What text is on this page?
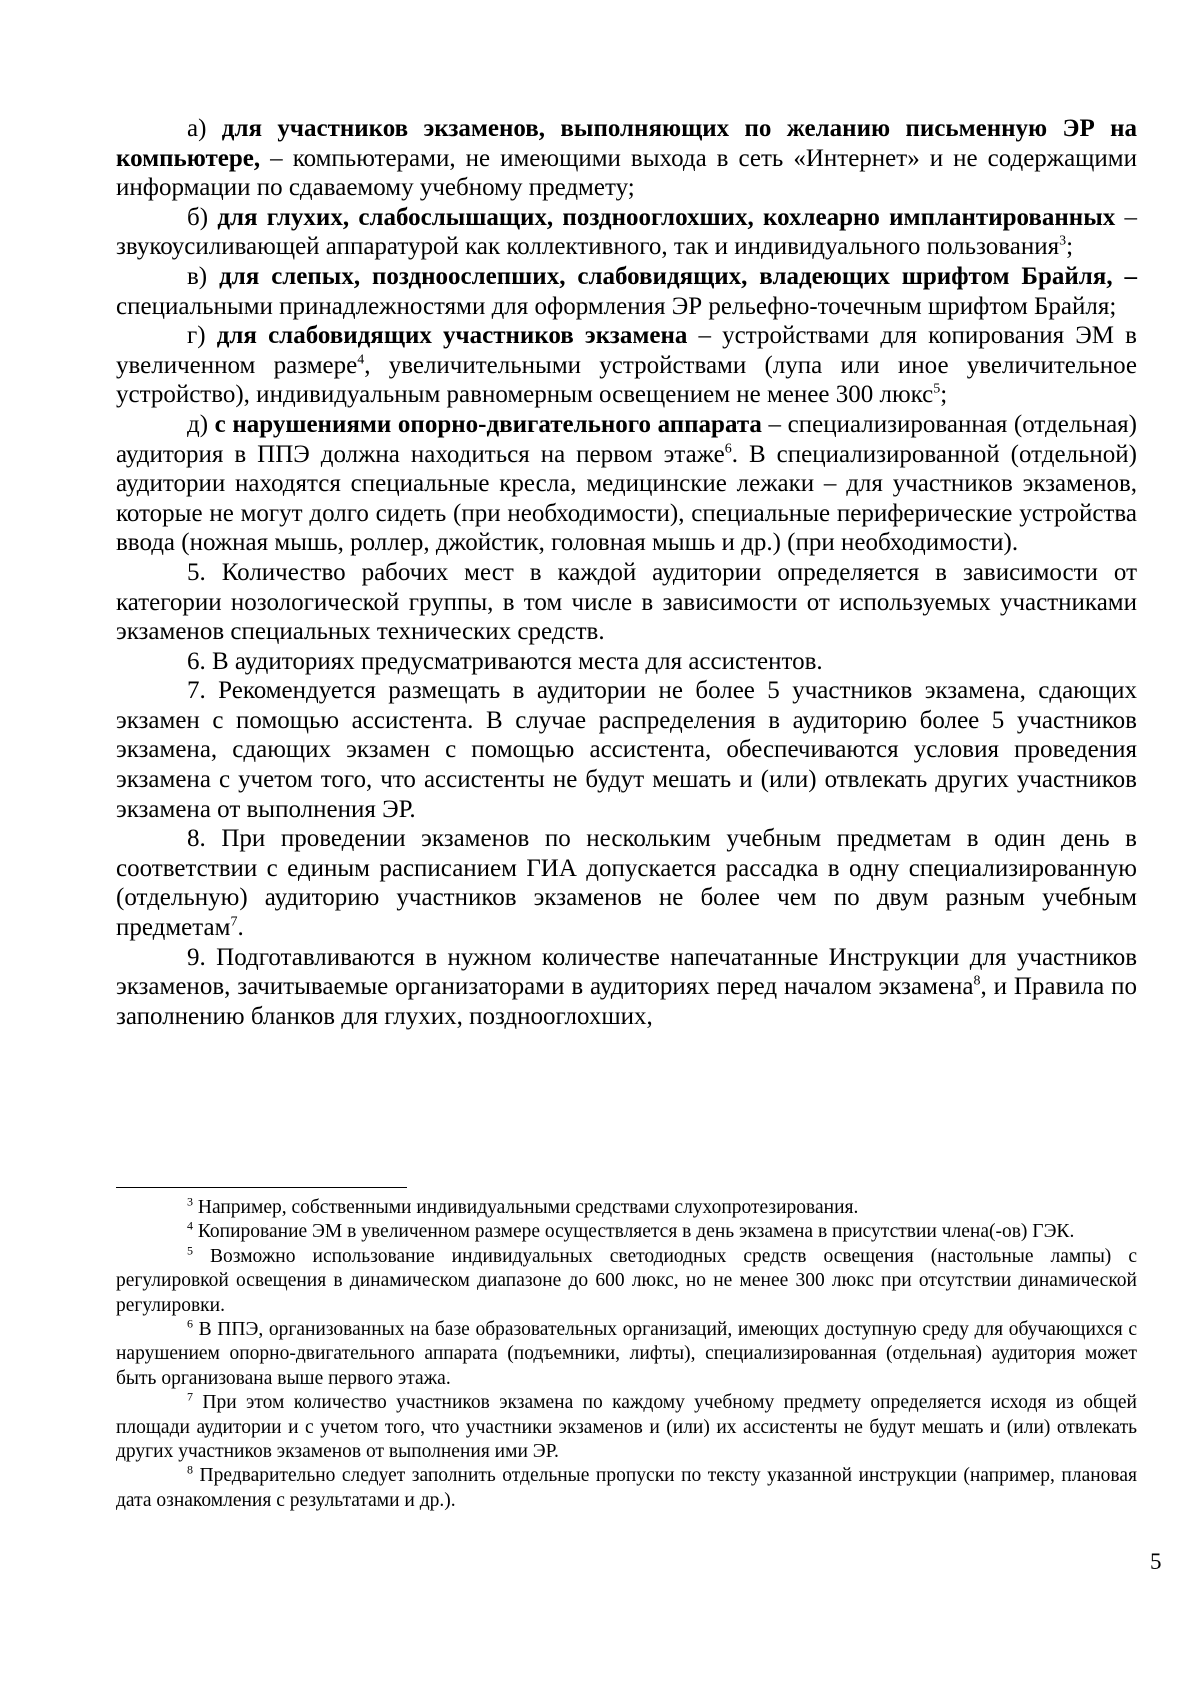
а) для участников экзаменов, выполняющих по желанию письменную ЭР на компьютере, – компьютерами, не имеющими выхода в сеть «Интернет» и не содержащими информации по сдаваемому учебному предмету;

б) для глухих, слабослышащих, позднооглохших, кохлеарно имплантированных – звукоусиливающей аппаратурой как коллективного, так и индивидуального пользования$^3$;

в) для слепых, поздноослепших, слабовидящих, владеющих шрифтом Брайля, – специальными принадлежностями для оформления ЭР рельефно-точечным шрифтом Брайля;

г) для слабовидящих участников экзамена – устройствами для копирования ЭМ в увеличенном размере$^4$, увеличительными устройствами (лупа или иное увеличительное устройство), индивидуальным равномерным освещением не менее 300 люкс$^5$;

д) с нарушениями опорно-двигательного аппарата – специализированная (отдельная) аудитория в ППЭ должна находиться на первом этаже$^6$. В специализированной (отдельной) аудитории находятся специальные кресла, медицинские лежаки – для участников экзаменов, которые не могут долго сидеть (при необходимости), специальные периферические устройства ввода (ножная мышь, роллер, джойстик, головная мышь и др.) (при необходимости).

5. Количество рабочих мест в каждой аудитории определяется в зависимости от категории нозологической группы, в том числе в зависимости от используемых участниками экзаменов специальных технических средств.

6. В аудиториях предусматриваются места для ассистентов.

7. Рекомендуется размещать в аудитории не более 5 участников экзамена, сдающих экзамен с помощью ассистента. В случае распределения в аудиторию более 5 участников экзамена, сдающих экзамен с помощью ассистента, обеспечиваются условия проведения экзамена с учетом того, что ассистенты не будут мешать и (или) отвлекать других участников экзамена от выполнения ЭР.

8. При проведении экзаменов по нескольким учебным предметам в один день в соответствии с единым расписанием ГИА допускается рассадка в одну специализированную (отдельную) аудиторию участников экзаменов не более чем по двум разным учебным предметам$^7$.

9. Подготавливаются в нужном количестве напечатанные Инструкции для участников экзаменов, зачитываемые организаторами в аудиториях перед началом экзамена$^8$, и Правила по заполнению бланков для глухих, позднооглохших,

$^3$ Например, собственными индивидуальными средствами слухопротезирования.

$^4$ Копирование ЭМ в увеличенном размере осуществляется в день экзамена в присутствии члена(-ов) ГЭК.

$^5$ Возможно использование индивидуальных светодиодных средств освещения (настольные лампы) с регулировкой освещения в динамическом диапазоне до 600 люкс, но не менее 300 люкс при отсутствии динамической регулировки.

$^6$ В ППЭ, организованных на базе образовательных организаций, имеющих доступную среду для обучающихся с нарушением опорно-двигательного аппарата (подъемники, лифты), специализированная (отдельная) аудитория может быть организована выше первого этажа.

$^7$ При этом количество участников экзамена по каждому учебному предмету определяется исходя из общей площади аудитории и с учетом того, что участники экзаменов и (или) их ассистенты не будут мешать и (или) отвлекать других участников экзаменов от выполнения ими ЭР.

$^8$ Предварительно следует заполнить отдельные пропуски по тексту указанной инструкции (например, плановая дата ознакомления с результатами и др.).

5
